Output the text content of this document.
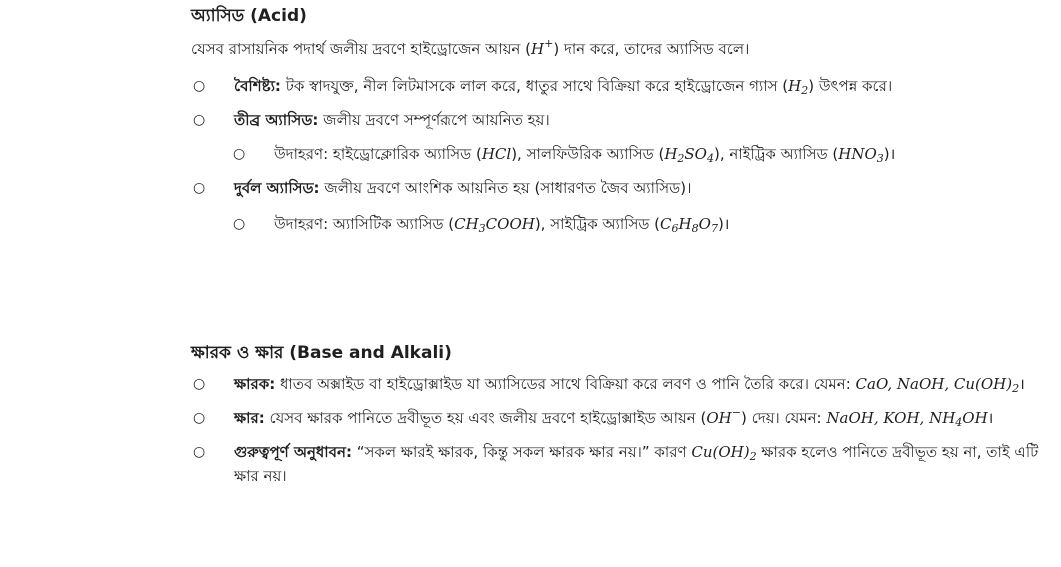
অ্যাসিড (Acid)

যেসব রাসায়নিক পদার্থ জলীয় দ্রবণে হাইড্রোজেন আয়ন (H+) দান করে, তাদের অ্যাসিড বলে।

○ বৈশিষ্ট্য: টক স্বাদযুক্ত, নীল লিটমাসকে লাল করে, ধাতুর সাথে বিক্রিয়া করে হাইড্রোজেন গ্যাস $(H_2)$ উৎপন্ন করে।
○ তীব্র অ্যাসিড: জলীয় দ্রবণে সম্পূর্ণরূপে আয়নিত হয়।
○ উদাহরণ: হাইড্রোক্লোরিক অ্যাসিড (HCl), সালফিউরিক অ্যাসিড $(H_2SO_4)$, নাইট্রিক অ্যাসিড $(HNO_3)।$
○ দুর্বল অ্যাসিড: জলীয় দ্রবণে আংশিক আয়নিত হয় (সাধারণত জৈব অ্যাসিড)।
○ উদাহরণ: অ্যাসিটিক অ্যাসিড $(CH_3COOH)$, সাইট্রিক অ্যাসিড $(C_6H_8O_7)।$
ক্ষারক ও ক্ষার (Base and Alkali)
○ ক্ষারক: ধাতব অক্সাইড বা হাইড্রোক্সাইড যা অ্যাসিডের সাথে বিক্রিয়া করে লবণ ও পানি তৈরি করে। যেমন: CaO, NaOH, $Cu(OH)_2।$
○ ক্ষার: যেসব ক্ষারক পানিতে দ্রবীভূত হয় এবং জলীয় দ্রবণে হাইড্রোক্সাইড আয়ন (OH−) দেয়। যেমন: NaOH, KOH, $NH_4OH।$
○ গুরুত্বপূর্ণ অনুধাবন: “সকল ক্ষারই ক্ষারক, কিন্তু সকল ক্ষারক ক্ষার নয়।” কারণ $Cu(OH)_2$ ক্ষারক হলেও পানিতে দ্রবীভূত হয় না, তাই এটি ক্ষার নয়।
